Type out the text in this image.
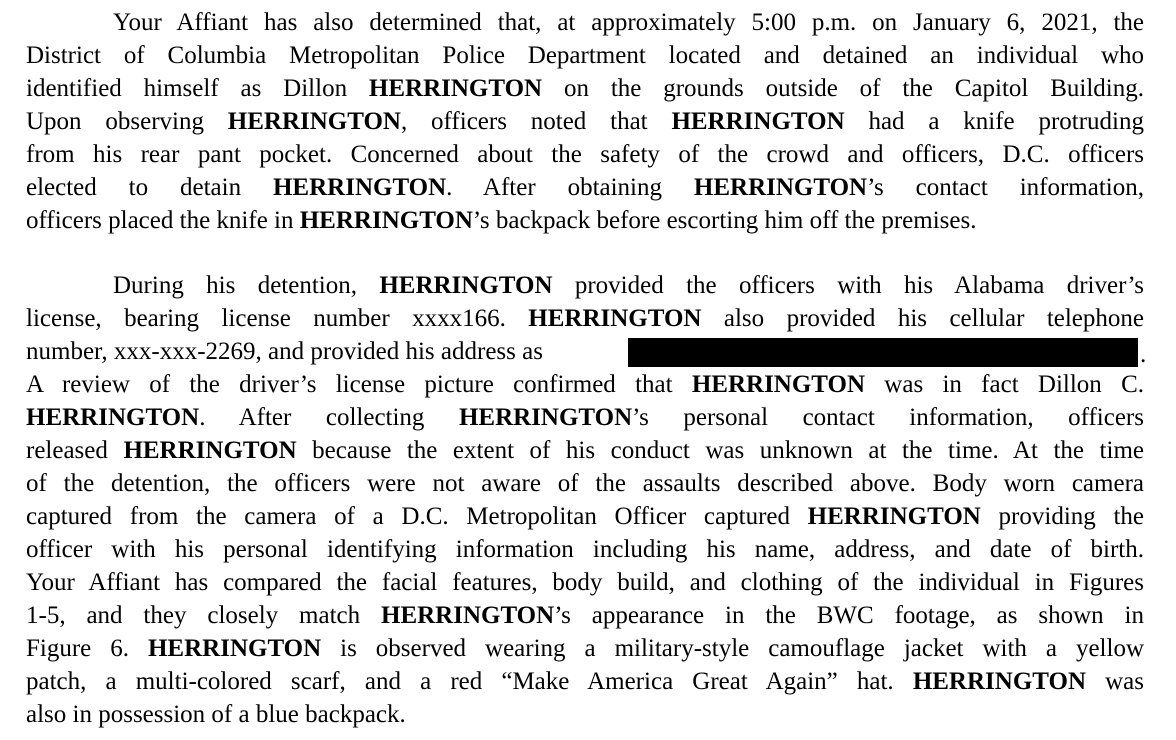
Your Affiant has also determined that, at approximately 5:00 p.m. on January 6, 2021, the
District of Columbia Metropolitan Police Department located and detained an individual who
identified himself as Dillon HERRINGTON on the grounds outside of the Capitol Building.
Upon observing HERRINGTON, officers noted that HERRINGTON had a knife protruding
from his rear pant pocket. Concerned about the safety of the crowd and officers, D.C. officers
elected to detain HERRINGTON. After obtaining HERRINGTON’s contact information,
officers placed the knife in HERRINGTON’s backpack before escorting him off the premises.
During his detention, HERRINGTON provided the officers with his Alabama driver’s
license, bearing license number xxxx166. HERRINGTON also provided his cellular telephone
number, xxx-xxx-2269, and provided his address as	.
A review of the driver’s license picture confirmed that HERRINGTON was in fact Dillon C.
HERRINGTON. After collecting HERRINGTON’s personal contact information, officers
released HERRINGTON because the extent of his conduct was unknown at the time. At the time
of the detention, the officers were not aware of the assaults described above. Body worn camera
captured from the camera of a D.C. Metropolitan Officer captured HERRINGTON providing the
officer with his personal identifying information including his name, address, and date of birth.
Your Affiant has compared the facial features, body build, and clothing of the individual in Figures
1-5, and they closely match HERRINGTON’s appearance in the BWC footage, as shown in
Figure 6. HERRINGTON is observed wearing a military-style camouflage jacket with a yellow
patch, a multi-colored scarf, and a red “Make America Great Again” hat. HERRINGTON was
also in possession of a blue backpack.
